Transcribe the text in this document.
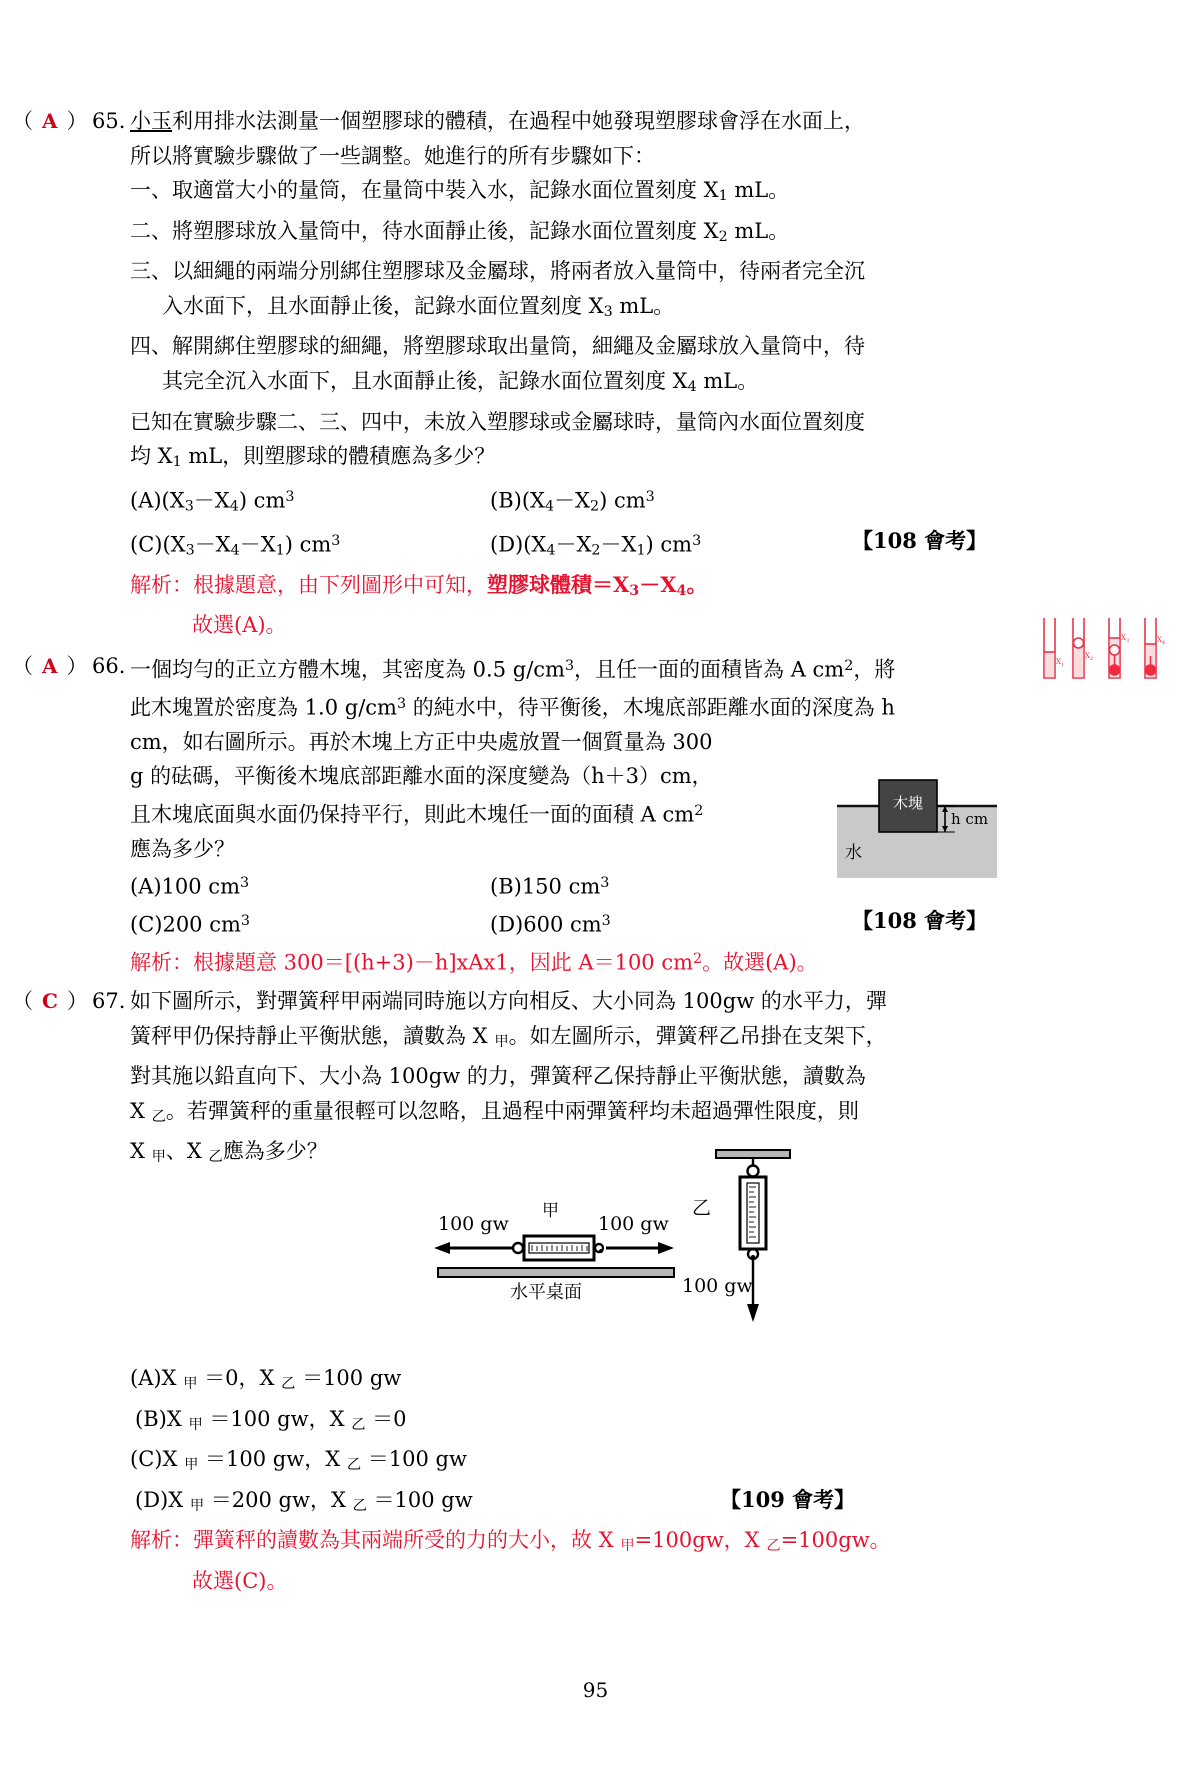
（ A ） 65. 小玉利用排水法測量一個塑膠球的體積，在過程中她發現塑膠球會浮在水面上，
所以將實驗步驟做了一些調整。她進行的所有步驟如下：
一、取適當大小的量筒，在量筒中裝入水，記錄水面位置刻度 $X_1$ mL。
二、將塑膠球放入量筒中，待水面靜止後，記錄水面位置刻度 $X_2$ mL。
三、以細繩的兩端分別綁住塑膠球及金屬球，將兩者放入量筒中，待兩者完全沉
入水面下，且水面靜止後，記錄水面位置刻度 $X_3$ mL。
四、解開綁住塑膠球的細繩，將塑膠球取出量筒，細繩及金屬球放入量筒中，待
其完全沉入水面下，且水面靜止後，記錄水面位置刻度 $X_4$ mL。
已知在實驗步驟二、三、四中，未放入塑膠球或金屬球時，量筒內水面位置刻度
均 $X_1$ mL，則塑膠球的體積應為多少？
$(A)(X_3-X_4)$ $cm^3$	$(B)(X_4-X_2)$ $cm^3$
$(C)(X_3-X_4-X_1)$ $cm^3$	$(D)(X_4-X_2-X_1)$ $cm^3$	【108 會考】
解析：根據題意，由下列圖形中可知，塑膠球體積$=X_3-X_4$。
故選(A)。
（ A ） 66. 一個均勻的正立方體木塊，其密度為 0.5 $g/cm^3$，且任一面的面積皆為 A $cm^2$，將
此木塊置於密度為 1.0 $g/cm^3$ 的純水中，待平衡後，木塊底部距離水面的深度為 h
cm，如右圖所示。再於木塊上方正中央處放置一個質量為 300
g 的砝碼，平衡後木塊底部距離水面的深度變為（h＋3）cm，
且木塊底面與水面仍保持平行，則此木塊任一面的面積 A $cm^2$
應為多少？
(A)100 $cm^3$	(B)150 $cm^3$
(C)200 $cm^3$	(D)600 $cm^3$	【108 會考】
解析：根據題意 300＝[(h+3)－h]xAx1，因此 A＝100 $cm^2$。故選(A)。
（ C ） 67. 如下圖所示，對彈簧秤甲兩端同時施以方向相反、大小同為 100gw 的水平力，彈
簧秤甲仍保持靜止平衡狀態，讀數為 X $_甲$。如左圖所示，彈簧秤乙吊掛在支架下，
對其施以鉛直向下、大小為 100gw 的力，彈簧秤乙保持靜止平衡狀態，讀數為
X $_乙$。若彈簧秤的重量很輕可以忽略，且過程中兩彈簧秤均未超過彈性限度，則
X $_甲$、X $_乙$應為多少？
(A)X $_甲$ ＝0，X $_乙$ ＝100 gw
(B)X $_甲$ ＝100 gw，X $_乙$ ＝0
(C)X $_甲$ ＝100 gw，X $_乙$ ＝100 gw
(D)X $_甲$ ＝200 gw，X $_乙$ ＝100 gw	【109 會考】
解析：彈簧秤的讀數為其兩端所受的力的大小，故 X $_甲$=100gw，X $_乙$=100gw。
故選(C)。
X 1
X 2
X 3	X 4
木塊
h cm
水
100 gw
甲
100 gw
水平桌面
乙
100 gw
95
